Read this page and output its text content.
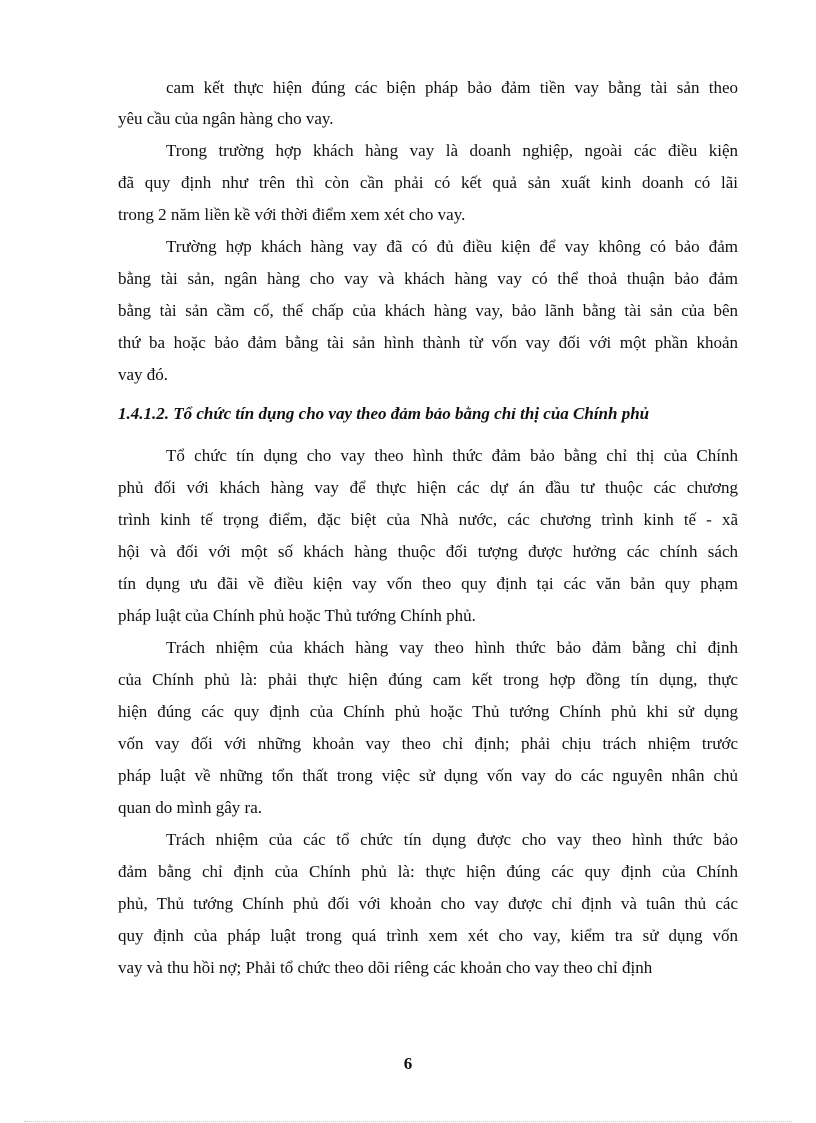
cam kết thực hiện đúng các biện pháp bảo đảm tiền vay bằng tài sản theo
yêu cầu của ngân hàng cho vay.
Trong trường hợp khách hàng vay là doanh nghiệp, ngoài các điều kiện
đã quy định như trên thì còn cần phải có kết quả sản xuất kinh doanh có lãi
trong 2 năm liền kề với thời điểm xem xét cho vay.
Trường hợp khách hàng vay đã có đủ điều kiện để vay không có bảo đảm
bằng tài sản, ngân hàng cho vay và khách hàng vay có thể thoả thuận bảo đảm
bằng tài sản cầm cố, thế chấp của khách hàng vay, bảo lãnh bằng tài sản của bên
thứ ba hoặc bảo đảm bằng tài sản hình thành từ vốn vay đối với một phần khoản
vay đó.
1.4.1.2. Tổ chức tín dụng cho vay theo đảm bảo bằng chỉ thị của Chính phủ
Tổ chức tín dụng cho vay theo hình thức đảm bảo bằng chỉ thị của Chính
phủ đối với khách hàng vay để thực hiện các dự án đầu tư thuộc các chương
trình kinh tế trọng điểm, đặc biệt của Nhà nước, các chương trình kinh tế - xã
hội và đối với một số khách hàng thuộc đối tượng được hưởng các chính sách
tín dụng ưu đãi về điều kiện vay vốn theo quy định tại các văn bản quy phạm
pháp luật của Chính phủ hoặc Thủ tướng Chính phủ.
Trách nhiệm của khách hàng vay theo hình thức bảo đảm bằng chỉ định
của Chính phủ là: phải thực hiện đúng cam kết trong hợp đồng tín dụng, thực
hiện đúng các quy định của Chính phủ hoặc Thủ tướng Chính phủ khi sử dụng
vốn vay đối với những khoản vay theo chỉ định; phải chịu trách nhiệm trước
pháp luật về những tổn thất trong việc sử dụng vốn vay do các nguyên nhân chủ
quan do mình gây ra.
Trách nhiệm của các tổ chức tín dụng được cho vay theo hình thức bảo
đảm bằng chỉ định của Chính phủ là: thực hiện đúng các quy định của Chính
phủ, Thủ tướng Chính phủ đối với khoản cho vay được chỉ định và tuân thủ các
quy định của pháp luật trong quá trình xem xét cho vay, kiểm tra sử dụng vốn
vay và thu hồi nợ; Phải tổ chức theo dõi riêng các khoản cho vay theo chỉ định
6
